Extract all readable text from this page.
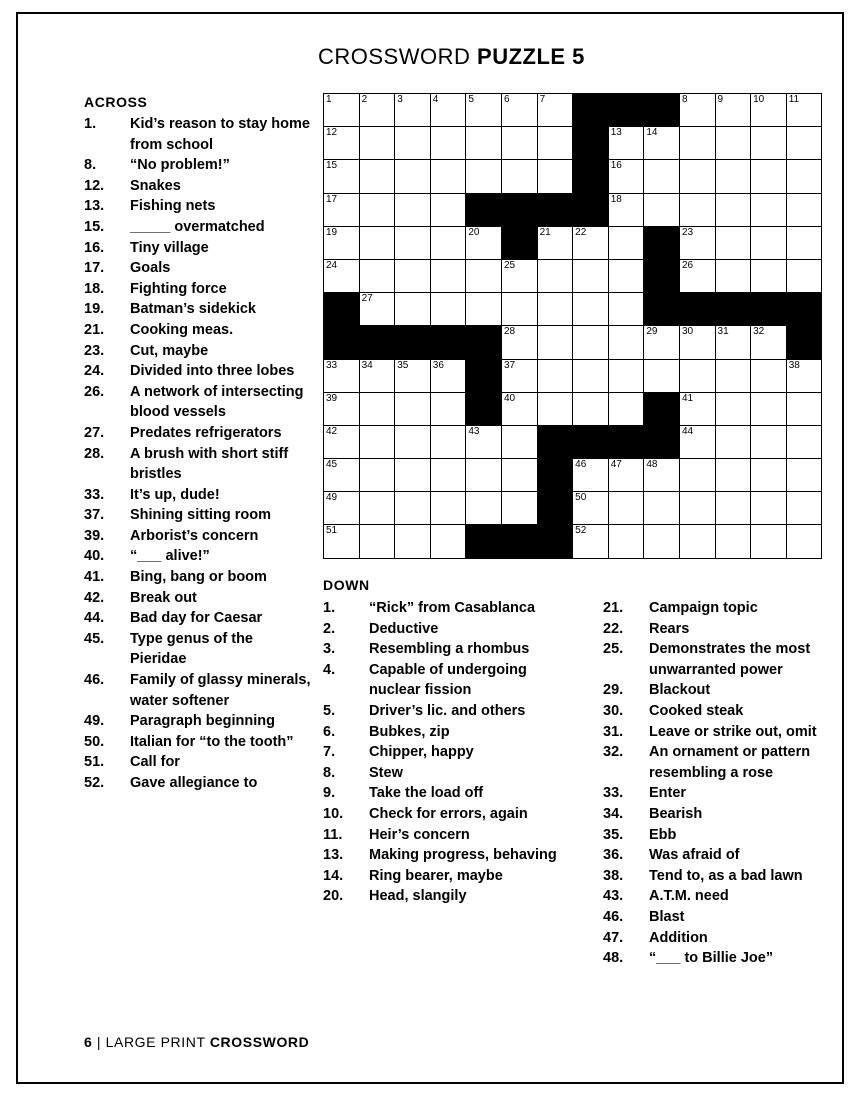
CROSSWORD PUZZLE 5
ACROSS
1.	Kid’s reason to stay home from school
8.	“No problem!”
12.	Snakes
13.	Fishing nets
15.	_____ overmatched
16.	Tiny village
17.	Goals
18.	Fighting force
19.	Batman’s sidekick
21.	Cooking meas.
23.	Cut, maybe
24.	Divided into three lobes
26.	A network of intersecting blood vessels
27.	Predates refrigerators
28.	A brush with short stiff bristles
33.	It’s up, dude!
37.	Shining sitting room
39.	Arborist’s concern
40.	“___ alive!”
41.	Bing, bang or boom
42.	Break out
44.	Bad day for Caesar
45.	Type genus of the Pieridae
46.	Family of glassy minerals, water softener
49.	Paragraph beginning
50.	Italian for “to the tooth”
51.	Call for
52.	Gave allegiance to
1	2	3	4	5	6	7				8	9	10	11

12								13	14				

15								16					

17								18					

19				20		21	22			23			

24					25					26			

	27												

					28				29	30	31	32	

33	34	35	36		37								38

39					40					41			

42				43						44			

45							46	47	48				

49							50						

51							52						

DOWN
1.	“Rick” from Casablanca
2.	Deductive
3.	Resembling a rhombus
4.	Capable of undergoing nuclear fission
5.	Driver’s lic. and others
6.	Bubkes, zip
7.	Chipper, happy
8.	Stew
9.	Take the load off
10.	Check for errors, again
11.	Heir’s concern
13.	Making progress, behaving
14.	Ring bearer, maybe
20.	Head, slangily
21.	Campaign topic
22.	Rears
25.	Demonstrates the most unwarranted power
29.	Blackout
30.	Cooked steak
31.	Leave or strike out, omit
32.	An ornament or pattern resembling a rose
33.	Enter
34.	Bearish
35.	Ebb
36.	Was afraid of
38.	Tend to, as a bad lawn
43.	A.T.M. need
46.	Blast
47.	Addition
48.	“___ to Billie Joe”
6 | LARGE PRINT CROSSWORD
